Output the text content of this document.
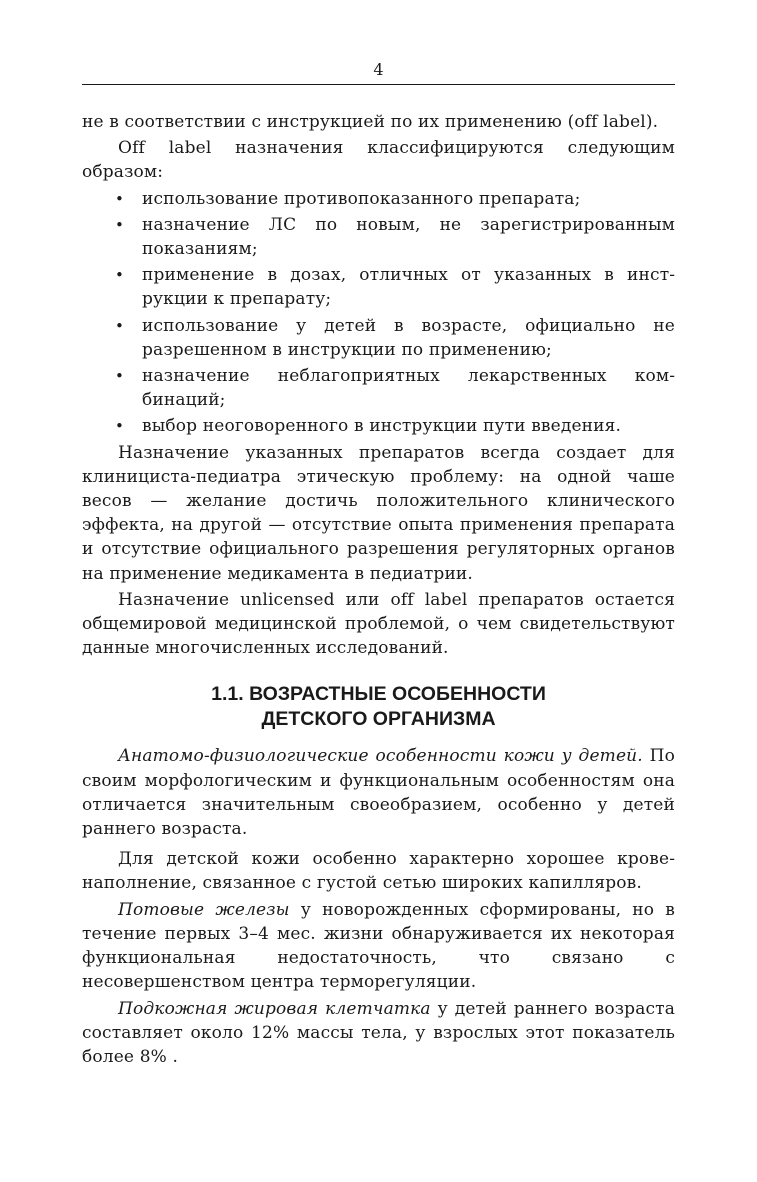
4

не в соответствии с инструкцией по их применению (off label).

Off label назначения классифицируются следующим образом:

• использование противопоказанного препарата;
• назначение ЛС по новым, не зарегистрированным показаниям;
• применение в дозах, отличных от указанных в инструкции к препарату;
• использование у детей в возрасте, официально не разрешенном в инструкции по применению;
• назначение неблагоприятных лекарственных комбинаций;
• выбор неоговоренного в инструкции пути введения.

Назначение указанных препаратов всегда создает для клинициста-педиатра этическую проблему: на одной чаше весов — желание достичь положительного клинического эффекта, на другой — отсутствие опыта применения препарата и отсутствие официального разрешения регуляторных органов на применение медикамента в педиатрии.

Назначение unlicensed или off label препаратов остается общемировой медицинской проблемой, о чем свидетельствуют данные многочисленных исследований.

1.1. ВОЗРАСТНЫЕ ОСОБЕННОСТИ
ДЕТСКОГО ОРГАНИЗМА

Анатомо-физиологические особенности кожи у детей. По своим морфологическим и функциональным особенностям она отличается значительным своеобразием, особенно у детей раннего возраста.

Для детской кожи особенно характерно хорошее кровенаполнение, связанное с густой сетью широких капилляров.

Потовые железы у новорожденных сформированы, но в течение первых 3–4 мес. жизни обнаруживается их некоторая функциональная недостаточность, что связано с несовершенством центра терморегуляции.

Подкожная жировая клетчатка у детей раннего возраста составляет около 12% массы тела, у взрослых этот показатель более 8% .
